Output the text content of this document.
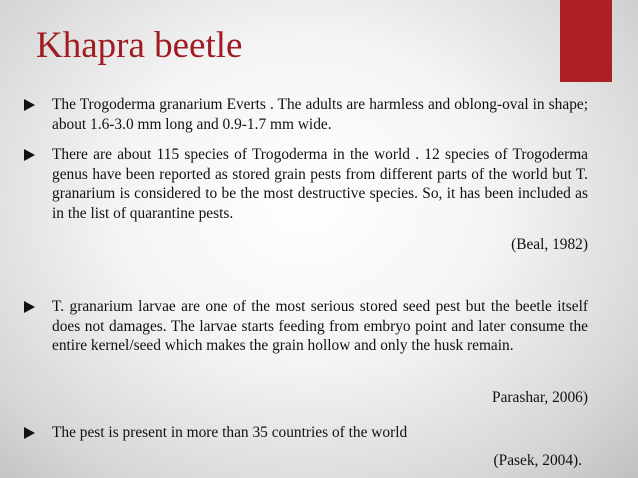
Khapra beetle
The Trogoderma granarium Everts . The adults are harmless and oblong-oval in shape; about 1.6-3.0 mm long and 0.9-1.7 mm wide.
There are about 115 species of Trogoderma in the world . 12 species of Trogoderma genus have been reported as stored grain pests from different parts of the world but T. granarium is considered to be the most destructive species. So, it has been included as in the list of quarantine pests.
(Beal, 1982)
T. granarium larvae are one of the most serious stored seed pest but the beetle itself does not damages. The larvae starts feeding from embryo point and later consume the entire kernel/seed which makes the grain hollow and only the husk remain.
Parashar, 2006)
The pest is present in more than 35 countries of the world
(Pasek, 2004).
